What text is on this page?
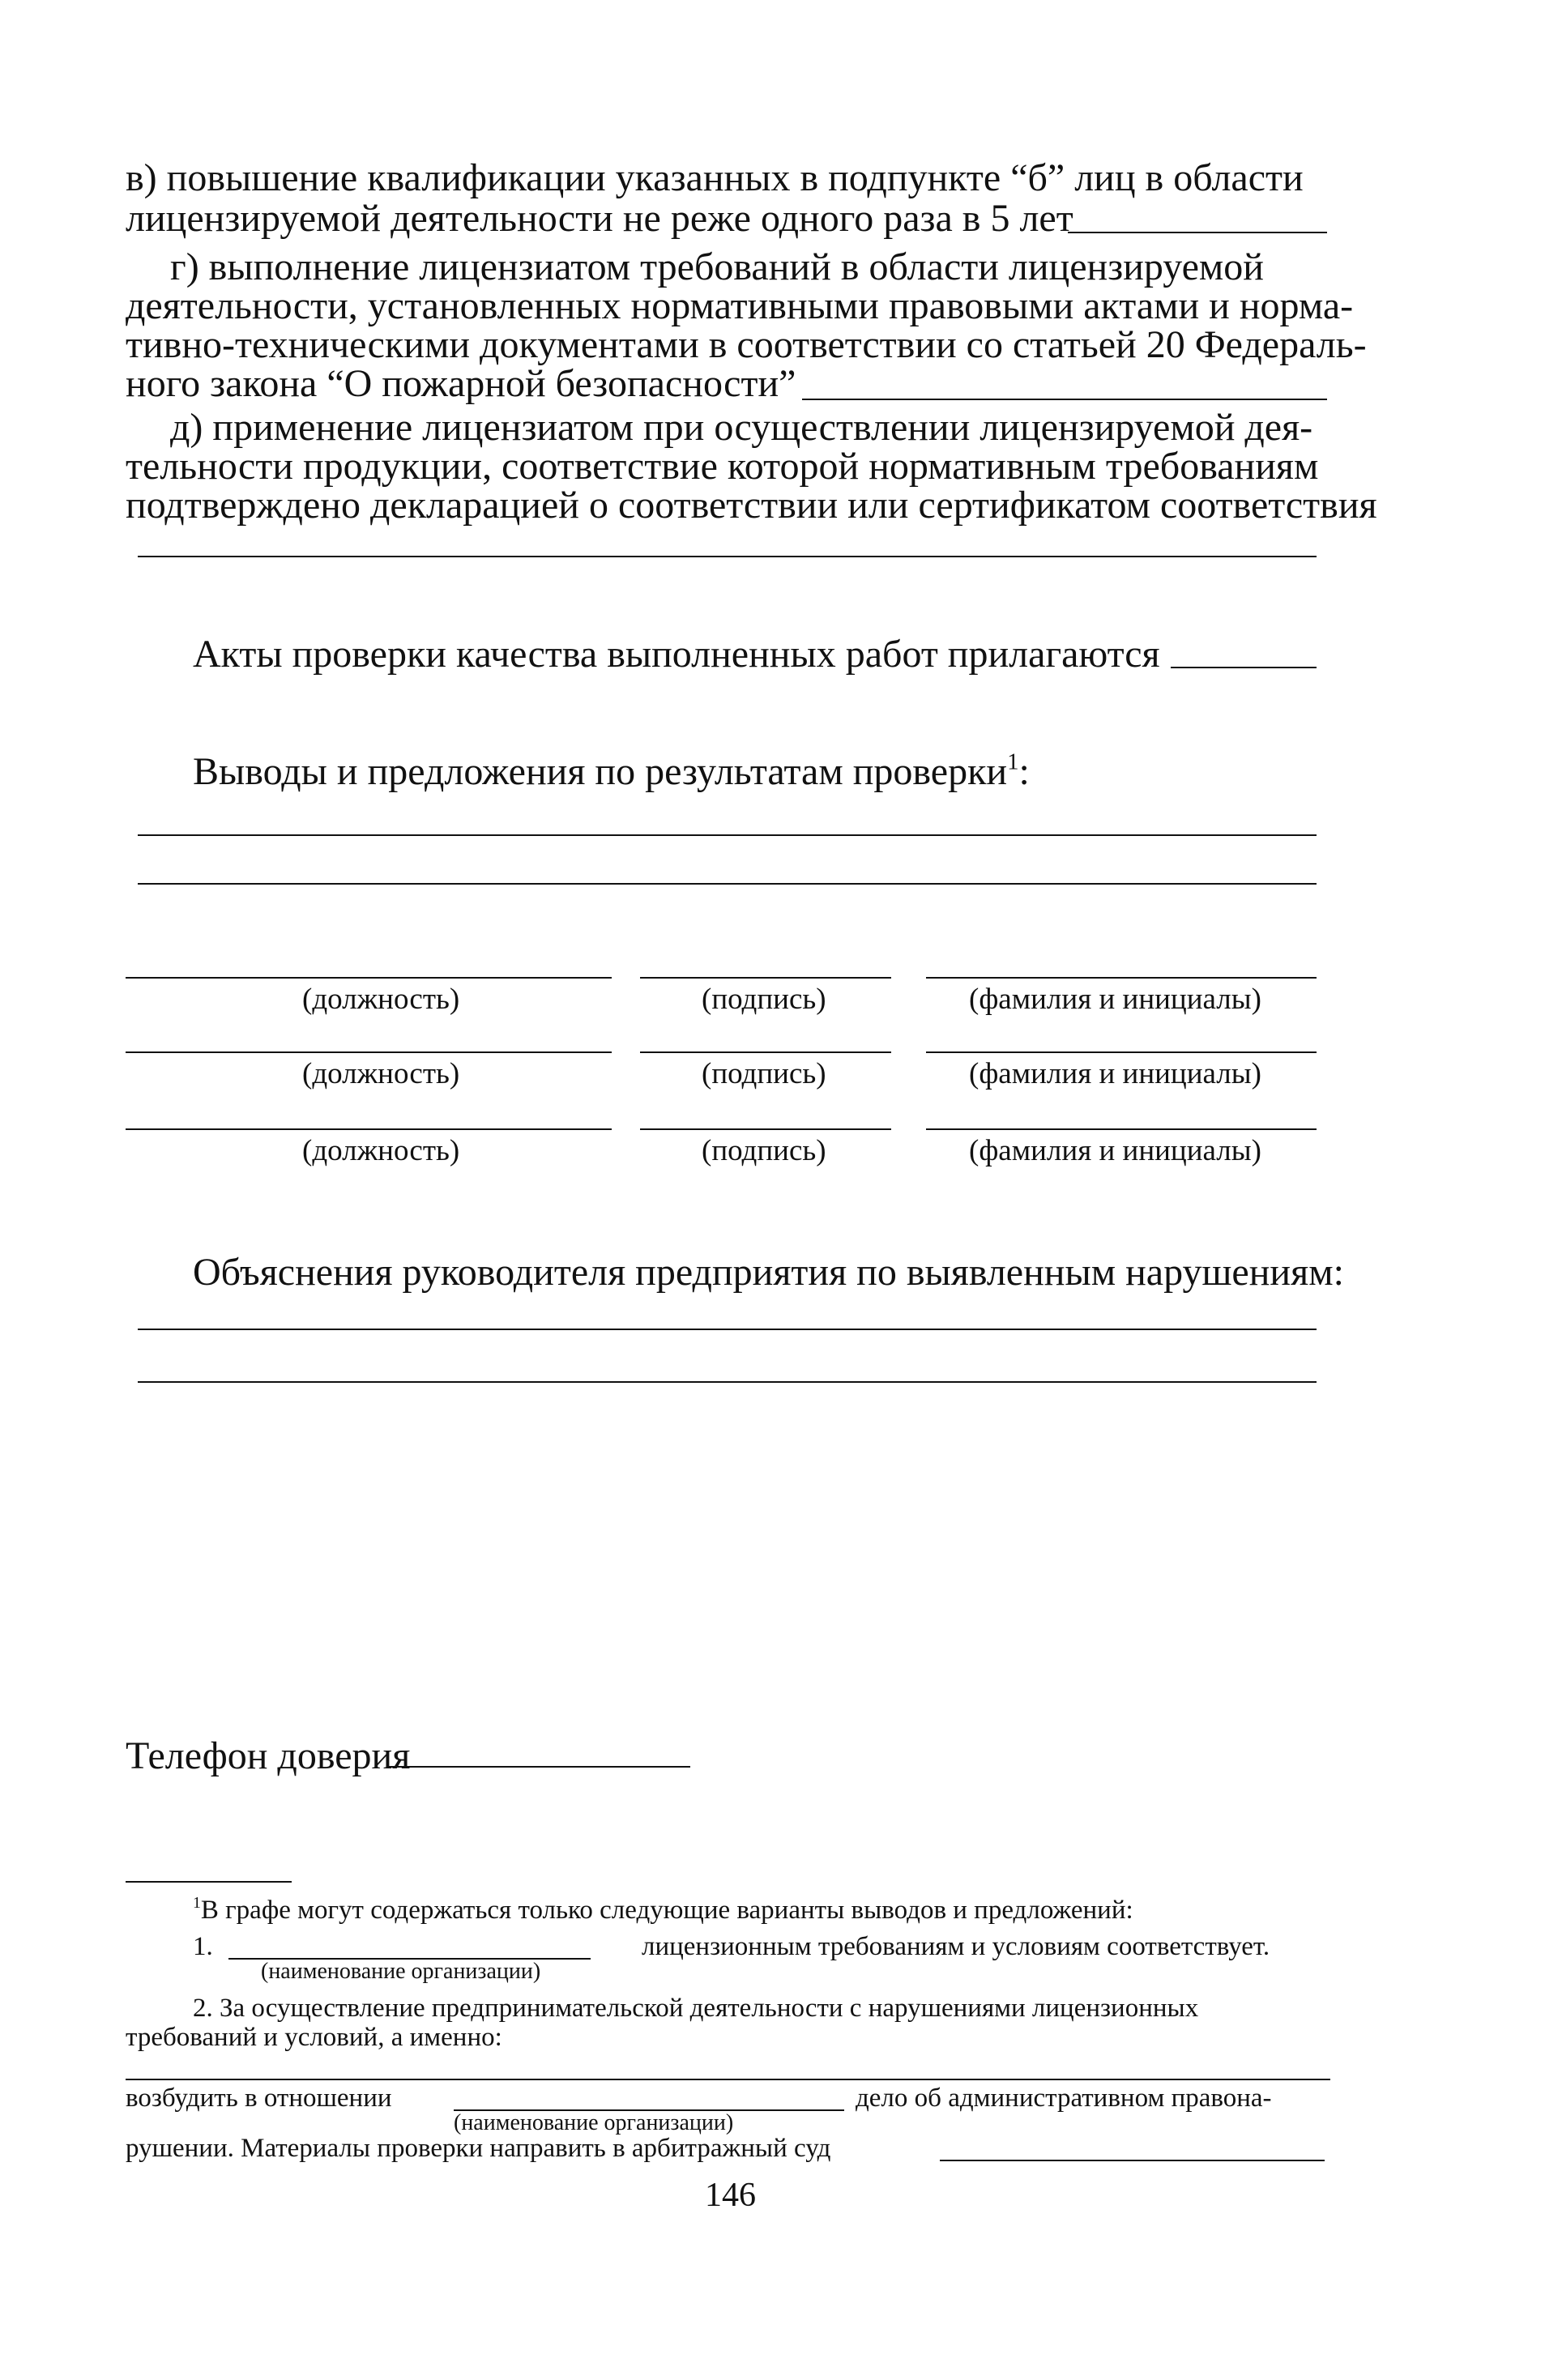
в) повышение квалификации указанных в подпункте “б” лиц в области
лицензируемой деятельности не реже одного раза в 5 лет
г) выполнение лицензиатом требований в области лицензируемой
деятельности, установленных нормативными правовыми актами и норма-
тивно-техническими документами в соответствии со статьей 20 Федераль-
ного закона “О пожарной безопасности”
д) применение лицензиатом при осуществлении лицензируемой дея-
тельности продукции, соответствие которой нормативным требованиям
подтверждено декларацией о соответствии или сертификатом соответствия
Акты проверки качества выполненных работ прилагаются
Выводы и предложения по результатам проверки$^1$:
(должность)	(подпись)	(фамилия и инициалы)
(должность)	(подпись)	(фамилия и инициалы)
(должность)	(подпись)	(фамилия и инициалы)
Объяснения руководителя предприятия по выявленным нарушениям:
Телефон доверия
$^1$В графе могут содержаться только следующие варианты выводов и предложений:
1.	лицензионным требованиям и условиям соответствует.
(наименование организации)
2. За осуществление предпринимательской деятельности с нарушениями лицензионных
требований и условий, а именно:
возбудить в отношении	дело об административном правона-
(наименование организации)
рушении. Материалы проверки направить в арбитражный суд
146
